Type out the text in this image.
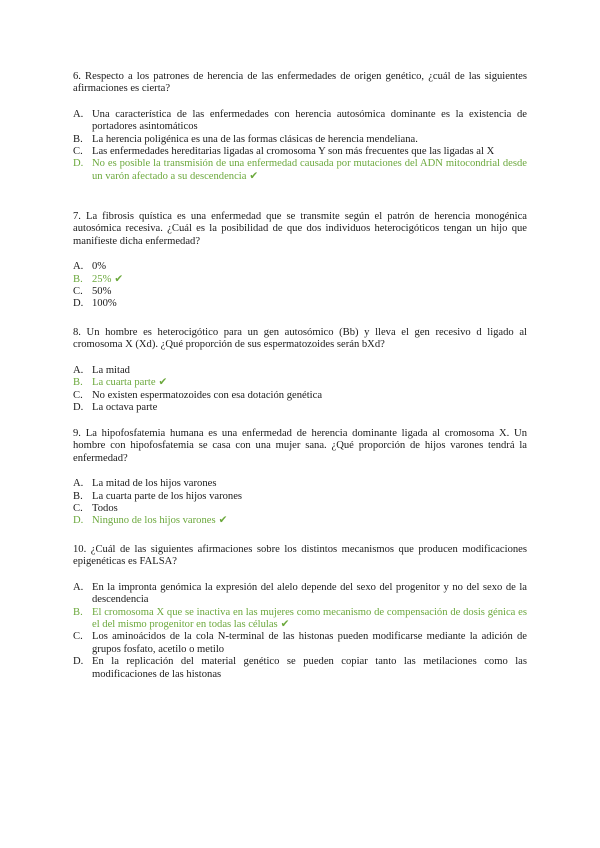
6. Respecto a los patrones de herencia de las enfermedades de origen genético, ¿cuál de las siguientes afirmaciones es cierta?

A. Una característica de las enfermedades con herencia autosómica dominante es la existencia de portadores asintomáticos
B. La herencia poligénica es una de las formas clásicas de herencia mendeliana.
C. Las enfermedades hereditarias ligadas al cromosoma Y son más frecuentes que las ligadas al X
D. No es posible la transmisión de una enfermedad causada por mutaciones del ADN mitocondrial desde un varón afectado a su descendencia ✔

7. La fibrosis quística es una enfermedad que se transmite según el patrón de herencia monogénica autosómica recesiva. ¿Cuál es la posibilidad de que dos individuos heterocigóticos tengan un hijo que manifieste dicha enfermedad?

A. 0%
B. 25% ✔
C. 50%
D. 100%

8. Un hombre es heterocigótico para un gen autosómico (Bb) y lleva el gen recesivo d ligado al cromosoma X (Xd). ¿Qué proporción de sus espermatozoides serán bXd?

A. La mitad
B. La cuarta parte ✔
C. No existen espermatozoides con esa dotación genética
D. La octava parte

9. La hipofosfatemia humana es una enfermedad de herencia dominante ligada al cromosoma X. Un hombre con hipofosfatemia se casa con una mujer sana. ¿Qué proporción de hijos varones tendrá la enfermedad?

A. La mitad de los hijos varones
B. La cuarta parte de los hijos varones
C. Todos
D. Ninguno de los hijos varones ✔

10. ¿Cuál de las siguientes afirmaciones sobre los distintos mecanismos que producen modificaciones epigenéticas es FALSA?

A. En la impronta genómica la expresión del alelo depende del sexo del progenitor y no del sexo de la descendencia
B. El cromosoma X que se inactiva en las mujeres como mecanismo de compensación de dosis génica es el del mismo progenitor en todas las células ✔
C. Los aminoácidos de la cola N-terminal de las histonas pueden modificarse mediante la adición de grupos fosfato, acetilo o metilo
D. En la replicación del material genético se pueden copiar tanto las metilaciones como las modificaciones de las histonas
